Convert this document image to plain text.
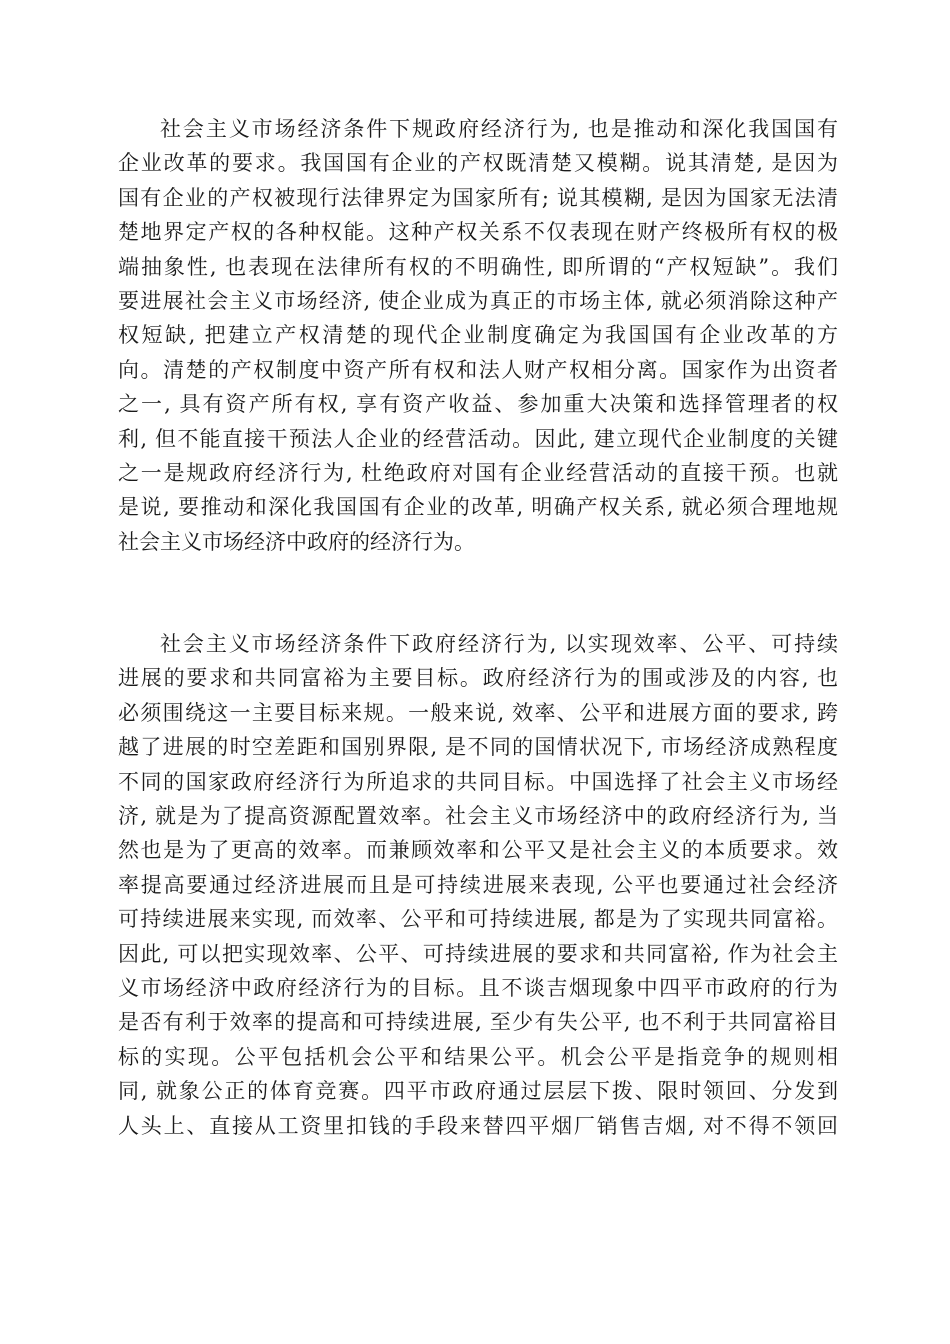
社会主义市场经济条件下规政府经济行为, 也是推动和深化我国国有
企业改革的要求。我国国有企业的产权既清楚又模糊。说其清楚, 是因为
国有企业的产权被现行法律界定为国家所有; 说其模糊, 是因为国家无法清
楚地界定产权的各种权能。这种产权关系不仅表现在财产终极所有权的极
端抽象性, 也表现在法律所有权的不明确性, 即所谓的“产权短缺”。我们
要进展社会主义市场经济, 使企业成为真正的市场主体, 就必须消除这种产
权短缺, 把建立产权清楚的现代企业制度确定为我国国有企业改革的方
向。清楚的产权制度中资产所有权和法人财产权相分离。国家作为出资者
之一, 具有资产所有权, 享有资产收益、参加重大决策和选择管理者的权
利, 但不能直接干预法人企业的经营活动。因此, 建立现代企业制度的关键
之一是规政府经济行为, 杜绝政府对国有企业经营活动的直接干预。也就
是说, 要推动和深化我国国有企业的改革, 明确产权关系, 就必须合理地规
社会主义市场经济中政府的经济行为。
社会主义市场经济条件下政府经济行为, 以实现效率、公平、可持续
进展的要求和共同富裕为主要目标。政府经济行为的围或涉及的内容, 也
必须围绕这一主要目标来规。一般来说, 效率、公平和进展方面的要求, 跨
越了进展的时空差距和国别界限, 是不同的国情状况下, 市场经济成熟程度
不同的国家政府经济行为所追求的共同目标。中国选择了社会主义市场经
济, 就是为了提高资源配置效率。社会主义市场经济中的政府经济行为, 当
然也是为了更高的效率。而兼顾效率和公平又是社会主义的本质要求。效
率提高要通过经济进展而且是可持续进展来表现, 公平也要通过社会经济
可持续进展来实现, 而效率、公平和可持续进展, 都是为了实现共同富裕。
因此, 可以把实现效率、公平、可持续进展的要求和共同富裕, 作为社会主
义市场经济中政府经济行为的目标。且不谈吉烟现象中四平市政府的行为
是否有利于效率的提高和可持续进展, 至少有失公平, 也不利于共同富裕目
标的实现。公平包括机会公平和结果公平。机会公平是指竞争的规则相
同, 就象公正的体育竞赛。四平市政府通过层层下拨、限时领回、分发到
人头上、直接从工资里扣钱的手段来替四平烟厂销售吉烟, 对不得不领回
